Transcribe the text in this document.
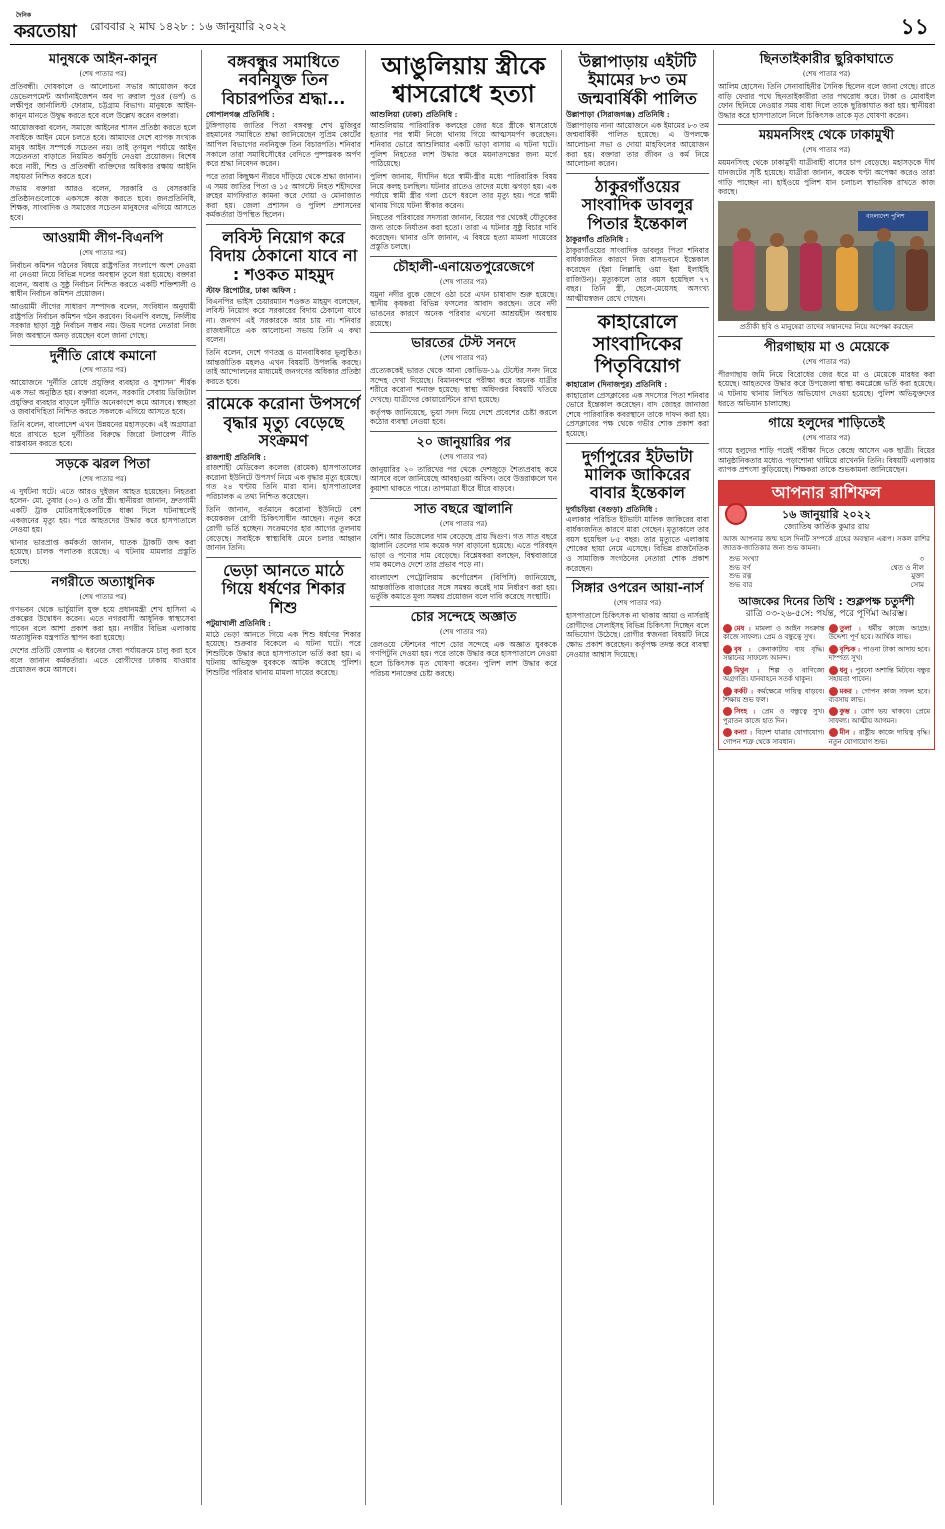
দৈনিক
করতোয়া রোববার ২ মাঘ ১৪২৮ : ১৬ জানুয়ারি ২০২২	১১
মানুষকে আইন-কানুন
(শেষ পাতার পর)

প্রতিবন্ধী। দোষকালে ও আলোচনা সভার আয়োজন করে ডেভেলপমেন্ট অর্গানাইজেশন অব দ্য রুরাল পুওর (ডর্প) ও লক্ষীপুর জার্নালিস্ট ফোরাম, চট্টগ্রাম বিভাগ। মানুষকে আইন-কানুন মানতে উদ্বুদ্ধ করতে হবে বলে উল্লেখ করেন বক্তারা।

আয়োজকরা বলেন, সমাজে আইনের শাসন প্রতিষ্ঠা করতে হলে সবাইকে আইন মেনে চলতে হবে। আমাদের দেশে ব্যাপক সংখ্যক মানুষ আইন সম্পর্কে সচেতন নয়। তাই তৃণমূল পর্যায়ে আইন সচেতনতা বাড়াতে নিয়মিত কর্মসূচি নেওয়া প্রয়োজন। বিশেষ করে নারী, শিশু ও প্রতিবন্ধী ব্যক্তিদের অধিকার রক্ষায় আইনি সহায়তা নিশ্চিত করতে হবে।

সভায় বক্তারা আরও বলেন, সরকারি ও বেসরকারি প্রতিষ্ঠানগুলোকে একসঙ্গে কাজ করতে হবে। জনপ্রতিনিধি, শিক্ষক, সাংবাদিক ও সমাজের সচেতন মানুষদের এগিয়ে আসতে হবে।

আওয়ামী লীগ-বিএনপি
(শেষ পাতার পর)

নির্বাচন কমিশন গঠনের বিষয়ে রাষ্ট্রপতির সংলাপে অংশ নেওয়া না নেওয়া নিয়ে বিভিন্ন দলের অবস্থান তুলে ধরা হয়েছে। বক্তারা বলেন, অবাধ ও সুষ্ঠু নির্বাচন নিশ্চিত করতে একটি শক্তিশালী ও স্বাধীন নির্বাচন কমিশন প্রয়োজন।

আওয়ামী লীগের সাধারণ সম্পাদক বলেন, সংবিধান অনুযায়ী রাষ্ট্রপতি নির্বাচন কমিশন গঠন করবেন। বিএনপি বলছে, নির্দলীয় সরকার ছাড়া সুষ্ঠু নির্বাচন সম্ভব নয়। উভয় দলের নেতারা নিজ নিজ অবস্থানে অনড় রয়েছেন বলে জানা গেছে।

দুর্নীতি রোধে কমানো
(শেষ পাতার পর)

আয়োজনে ‘দুর্নীতি রোধে প্রযুক্তির ব্যবহার ও সুশাসন’ শীর্ষক এক সভা অনুষ্ঠিত হয়। বক্তারা বলেন, সরকারি সেবায় ডিজিটাল প্রযুক্তির ব্যবহার বাড়লে দুর্নীতি অনেকাংশে কমে আসবে। স্বচ্ছতা ও জবাবদিহিতা নিশ্চিত করতে সকলকে এগিয়ে আসতে হবে।

তিনি বলেন, বাংলাদেশ এখন উন্নয়নের মহাসড়কে। এই অগ্রযাত্রা ধরে রাখতে হলে দুর্নীতির বিরুদ্ধে জিরো টলারেন্স নীতি বাস্তবায়ন করতে হবে।

সড়কে ঝরল পিতা
(শেষ পাতার পর)

এ দুর্ঘটনা ঘটে। এতে আরও দুইজন আহত হয়েছেন। নিহতরা হলেন- মো. তুষার (৩০) ও তাঁর স্ত্রী। স্থানীয়রা জানান, দ্রুতগামী একটি ট্রাক মোটরসাইকেলটিকে ধাক্কা দিলে ঘটনাস্থলেই একজনের মৃত্যু হয়। পরে আহতদের উদ্ধার করে হাসপাতালে নেওয়া হয়।

থানার ভারপ্রাপ্ত কর্মকর্তা জানান, ঘাতক ট্রাকটি জব্দ করা হয়েছে। চালক পলাতক রয়েছে। এ ঘটনায় মামলার প্রস্তুতি চলছে।

নগরীতে অত্যাধুনিক
(শেষ পাতার পর)

গণভবন থেকে ভার্চুয়ালি যুক্ত হয়ে প্রধানমন্ত্রী শেখ হাসিনা এ প্রকল্পের উদ্বোধন করেন। এতে নগরবাসী আধুনিক স্বাস্থ্যসেবা পাবেন বলে আশা প্রকাশ করা হয়। নগরীর বিভিন্ন এলাকায় অত্যাধুনিক যন্ত্রপাতি স্থাপন করা হয়েছে।

দেশের প্রতিটি জেলায় এ ধরনের সেবা পর্যায়ক্রমে চালু করা হবে বলে জানান কর্মকর্তারা। এতে রোগীদের ঢাকায় যাওয়ার প্রয়োজন কমে আসবে।

বঙ্গবন্ধুর সমাধিতে নবনিযুক্ত তিন বিচারপতির শ্রদ্ধা...
গোপালগঞ্জ প্রতিনিধি :

টুঙ্গিপাড়ায় জাতির পিতা বঙ্গবন্ধু শেখ মুজিবুর রহমানের সমাধিতে শ্রদ্ধা জানিয়েছেন সুপ্রিম কোর্টের আপিল বিভাগের নবনিযুক্ত তিন বিচারপতি। শনিবার সকালে তারা সমাধিসৌধের বেদিতে পুষ্পস্তবক অর্পণ করে শ্রদ্ধা নিবেদন করেন।

পরে তারা কিছুক্ষণ নীরবে দাঁড়িয়ে থেকে শ্রদ্ধা জানান। এ সময় জাতির পিতা ও ১৫ আগস্টে নিহত শহীদদের রুহের মাগফিরাত কামনা করে দোয়া ও মোনাজাত করা হয়। জেলা প্রশাসন ও পুলিশ প্রশাসনের কর্মকর্তারা উপস্থিত ছিলেন।

লবিস্ট নিয়োগ করে বিদায় ঠেকানো যাবে না : শওকত মাহমুদ
স্টাফ রিপোর্টার, ঢাকা অফিস :

বিএনপির ভাইস চেয়ারম্যান শওকত মাহমুদ বলেছেন, লবিস্ট নিয়োগ করে সরকারের বিদায় ঠেকানো যাবে না। জনগণ এই সরকারকে আর চায় না। শনিবার রাজধানীতে এক আলোচনা সভায় তিনি এ কথা বলেন।

তিনি বলেন, দেশে গণতন্ত্র ও মানবাধিকার ভূলুণ্ঠিত। আন্তর্জাতিক মহলও এখন বিষয়টি উপলব্ধি করছে। তাই আন্দোলনের মাধ্যমেই জনগণের অধিকার প্রতিষ্ঠা করতে হবে।

রামেকে করোনা উপসর্গে বৃদ্ধার মৃত্যু বেড়েছে সংক্রমণ
রাজশাহী প্রতিনিধি :

রাজশাহী মেডিকেল কলেজ (রামেক) হাসপাতালের করোনা ইউনিটে উপসর্গ নিয়ে এক বৃদ্ধার মৃত্যু হয়েছে। গত ২৪ ঘণ্টায় তিনি মারা যান। হাসপাতালের পরিচালক এ তথ্য নিশ্চিত করেছেন।

তিনি জানান, বর্তমানে করোনা ইউনিটে বেশ কয়েকজন রোগী চিকিৎসাধীন আছেন। নতুন করে রোগী ভর্তি হচ্ছেন। সংক্রমণের হার আগের তুলনায় বেড়েছে। সবাইকে স্বাস্থ্যবিধি মেনে চলার আহ্বান জানান তিনি।

ভেড়া আনতে মাঠে গিয়ে ধর্ষণের শিকার শিশু
পটুয়াখালী প্রতিনিধি :

মাঠে ভেড়া আনতে গিয়ে এক শিশু ধর্ষণের শিকার হয়েছে। শুক্রবার বিকেলে এ ঘটনা ঘটে। পরে শিশুটিকে উদ্ধার করে হাসপাতালে ভর্তি করা হয়। এ ঘটনায় অভিযুক্ত যুবককে আটক করেছে পুলিশ। শিশুটির পরিবার থানায় মামলা দায়ের করেছে।

আঙুলিয়ায় স্ত্রীকে শ্বাসরোধে হত্যা
আশুলিয়া (ঢাকা) প্রতিনিধি :

আশুলিয়ায় পারিবারিক কলহের জের ধরে স্ত্রীকে শ্বাসরোধে হত্যার পর স্বামী নিজে থানায় গিয়ে আত্মসমর্পণ করেছেন। শনিবার ভোরে আশুলিয়ার একটি ভাড়া বাসায় এ ঘটনা ঘটে। পুলিশ নিহতের লাশ উদ্ধার করে ময়নাতদন্তের জন্য মর্গে পাঠিয়েছে।

পুলিশ জানায়, দীর্ঘদিন ধরে স্বামী-স্ত্রীর মধ্যে পারিবারিক বিষয় নিয়ে কলহ চলছিল। ঘটনার রাতেও তাদের মধ্যে ঝগড়া হয়। এক পর্যায়ে স্বামী স্ত্রীর গলা চেপে ধরলে তার মৃত্যু হয়। পরে স্বামী থানায় গিয়ে ঘটনা স্বীকার করেন।

নিহতের পরিবারের সদস্যরা জানান, বিয়ের পর থেকেই যৌতুকের জন্য তাকে নির্যাতন করা হতো। তারা এ ঘটনার সুষ্ঠু বিচার দাবি করেছেন। থানার ওসি জানান, এ বিষয়ে হত্যা মামলা দায়েরের প্রস্তুতি চলছে।

চৌহালী-এনায়েতপুরেজেগে
(শেষ পাতার পর)

যমুনা নদীর বুকে জেগে ওঠা চরে এখন চাষাবাদ শুরু হয়েছে। স্থানীয় কৃষকরা বিভিন্ন ফসলের আবাদ করছেন। তবে নদী ভাঙনের কারণে অনেক পরিবার এখনো আশ্রয়হীন অবস্থায় রয়েছে।

ভারতের টেস্ট সনদে
(শেষ পাতার পর)

প্রত্যেককেই ভারত থেকে আনা কোভিড-১৯ টেস্টের সনদ নিয়ে সন্দেহ দেখা দিয়েছে। বিমানবন্দরে পরীক্ষা করে অনেক যাত্রীর শরীরে করোনা শনাক্ত হয়েছে। স্বাস্থ্য অধিদপ্তর বিষয়টি খতিয়ে দেখছে। যাত্রীদের কোয়ারেন্টিনে রাখা হয়েছে।

কর্তৃপক্ষ জানিয়েছে, ভুয়া সনদ নিয়ে দেশে প্রবেশের চেষ্টা করলে কঠোর ব্যবস্থা নেওয়া হবে।

২০ জানুয়ারির পর
(শেষ পাতার পর)

জানুয়ারির ২০ তারিখের পর থেকে দেশজুড়ে শৈত্যপ্রবাহ কমে আসবে বলে জানিয়েছে আবহাওয়া অফিস। তবে উত্তরাঞ্চলে ঘন কুয়াশা থাকতে পারে। তাপমাত্রা ধীরে ধীরে বাড়বে।

সাত বছরে জ্বালানি
(শেষ পাতার পর)

বেশি। আর ডিজেলের দাম বেড়েছে প্রায় দ্বিগুণ। গত সাত বছরে জ্বালানি তেলের দাম কয়েক দফা বাড়ানো হয়েছে। এতে পরিবহন ভাড়া ও পণ্যের দাম বেড়েছে। বিশ্লেষকরা বলছেন, বিশ্ববাজারে দাম কমলেও দেশে তার প্রভাব পড়ে না।

বাংলাদেশ পেট্রোলিয়াম কর্পোরেশন (বিপিসি) জানিয়েছে, আন্তর্জাতিক বাজারের সঙ্গে সমন্বয় করেই দাম নির্ধারণ করা হয়। ভর্তুকি কমাতে মূল্য সমন্বয় প্রয়োজন বলে দাবি করেছে সংস্থাটি।

চোর সন্দেহে অজ্ঞাত
(শেষ পাতার পর)

রেলওয়ে স্টেশনের পাশে চোর সন্দেহে এক অজ্ঞাত যুবককে গণপিটুনি দেওয়া হয়। পরে তাকে উদ্ধার করে হাসপাতালে নেওয়া হলে চিকিৎসক মৃত ঘোষণা করেন। পুলিশ লাশ উদ্ধার করে পরিচয় শনাক্তের চেষ্টা করছে।

উল্লাপাড়ায় এইটটি ইমামের ৮৩ তম জন্মবার্ষিকী পালিত
উল্লাপাড়া (সিরাজগঞ্জ) প্রতিনিধি :

উল্লাপাড়ায় নানা আয়োজনে এক ইমামের ৮৩ তম জন্মবার্ষিকী পালিত হয়েছে। এ উপলক্ষে আলোচনা সভা ও দোয়া মাহফিলের আয়োজন করা হয়। বক্তারা তার জীবন ও কর্ম নিয়ে আলোচনা করেন।

ঠাকুরগাঁওয়ের সাংবাদিক ডাবলুর পিতার ইন্তেকাল
ঠাকুরগাঁও প্রতিনিধি :

ঠাকুরগাঁওয়ের সাংবাদিক ডাবলুর পিতা শনিবার বার্ধক্যজনিত কারণে নিজ বাসভবনে ইন্তেকাল করেছেন (ইন্না লিল্লাহি ওয়া ইন্না ইলাইহি রাজিউন)। মৃত্যুকালে তার বয়স হয়েছিল ৭৭ বছর। তিনি স্ত্রী, ছেলে-মেয়েসহ অসংখ্য আত্মীয়স্বজন রেখে গেছেন।

কাহারোলে সাংবাদিকের পিতৃবিয়োগ
কাহারোল (দিনাজপুর) প্রতিনিধি :

কাহারোল প্রেসক্লাবের এক সদস্যের পিতা শনিবার ভোরে ইন্তেকাল করেছেন। বাদ জোহর জানাজা শেষে পারিবারিক কবরস্থানে তাকে দাফন করা হয়। প্রেসক্লাবের পক্ষ থেকে গভীর শোক প্রকাশ করা হয়েছে।

দুর্গাপুরের ইটভাটা মালিক জাকিরের বাবার ইন্তেকাল
দুর্গাচড়িয়া (বগুড়া) প্রতিনিধি :

এলাকার পরিচিত ইটভাটা মালিক জাকিরের বাবা বার্ধক্যজনিত কারণে মারা গেছেন। মৃত্যুকালে তার বয়স হয়েছিল ৮৫ বছর। তার মৃত্যুতে এলাকায় শোকের ছায়া নেমে এসেছে। বিভিন্ন রাজনৈতিক ও সামাজিক সংগঠনের নেতারা শোক প্রকাশ করেছেন।

সিঙ্গার ওপরেন আয়া-নার্স
(শেষ পাতার পর)

হাসপাতালে চিকিৎসক না থাকায় আয়া ও নার্সরাই রোগীদের সেলাইসহ বিভিন্ন চিকিৎসা দিচ্ছেন বলে অভিযোগ উঠেছে। রোগীর স্বজনরা বিষয়টি নিয়ে ক্ষোভ প্রকাশ করেছেন। কর্তৃপক্ষ তদন্ত করে ব্যবস্থা নেওয়ার আশ্বাস দিয়েছে।

ছিনতাইকারীর ছুরিকাঘাতে
(শেষ পাতার পর)

আলিম হোসেন। তিনি সেনাবাহিনীর সৈনিক ছিলেন বলে জানা গেছে। রাতে বাড়ি ফেরার পথে ছিনতাইকারীরা তার পথরোধ করে। টাকা ও মোবাইল ফোন ছিনিয়ে নেওয়ার সময় বাধা দিলে তাকে ছুরিকাঘাত করা হয়। স্থানীয়রা উদ্ধার করে হাসপাতালে নিলে চিকিৎসক তাকে মৃত ঘোষণা করেন।

ময়মনসিংহ থেকে ঢাকামুখী
(শেষ পাতার পর)

ময়মনসিংহ থেকে ঢাকামুখী যাত্রীবাহী বাসের চাপ বেড়েছে। মহাসড়কে দীর্ঘ যানজটের সৃষ্টি হয়েছে। যাত্রীরা জানান, কয়েক ঘণ্টা অপেক্ষা করেও তারা গাড়ি পাচ্ছেন না। হাইওয়ে পুলিশ যান চলাচল স্বাভাবিক রাখতে কাজ করছে।

বাংলাদেশ পুলিশ
প্রতীকী ছবি ও মানুষেরা তাদের সন্তানদের নিয়ে অপেক্ষা করছেন
পীরগাছায় মা ও মেয়েকে
(শেষ পাতার পর)

পীরগাছায় জমি নিয়ে বিরোধের জের ধরে মা ও মেয়েকে মারধর করা হয়েছে। আহতদের উদ্ধার করে উপজেলা স্বাস্থ্য কমপ্লেক্সে ভর্তি করা হয়েছে। এ ঘটনায় থানায় লিখিত অভিযোগ দেওয়া হয়েছে। পুলিশ অভিযুক্তদের ধরতে অভিযান চালাচ্ছে।

গায়ে হলুদের শাড়িতেই
(শেষ পাতার পর)

গায়ে হলুদের শাড়ি পরেই পরীক্ষা দিতে কেন্দ্রে আসেন এক ছাত্রী। বিয়ের আনুষ্ঠানিকতার মধ্যেও পড়াশোনা থামিয়ে রাখেননি তিনি। বিষয়টি এলাকায় ব্যাপক প্রশংসা কুড়িয়েছে। শিক্ষকরা তাকে শুভকামনা জানিয়েছেন।

আপনার রাশিফল
১৬ জানুয়ারি ২০২২
জ্যোতিষ কার্তিক কুমার রায়
আজ আপনার জন্ম হলে দিনটি সম্পর্কে গ্রহের অবস্থান এরূপ। সকল রাশির জাতক-জাতিকার জন্য শুভ কামনা।
শুভ সংখ্যা	৩
শুভ বর্ণ	শ্বেত ও নীল
শুভ রত্ন	মুক্তা
শুভ বার	সোম
আজকের দিনের তিথি : শুক্লপক্ষ চতুর্দশী
রাত্রি ০৩-২৬-৫সে: পর্যন্ত, পরে পূর্ণিমা আরম্ভ।
মেষ : মামলা ও আইন সংক্রান্ত কাজে সাফল্য। প্রেম ও বন্ধুত্বে সুখ।
বৃষ : কেনাকাটায় ব্যয় বৃদ্ধি। সন্তানের সাফল্যে আনন্দ।
মিথুন : শিল্প ও বাণিজ্যে অগ্রগতি। যানবাহনে সতর্ক থাকুন।
কর্কট : কর্মক্ষেত্রে দায়িত্ব বাড়বে। শিক্ষায় শুভ ফল।
সিংহ : প্রেম ও বন্ধুত্বে সুখ। পুরাতন কাজে হাত দিন।
কন্যা : বিদেশ যাত্রার যোগাযোগ। গোপন শত্রু থেকে সাবধান।
তুলা : ধর্মীয় কাজে আগ্রহ। উদ্দেশ্য পূর্ণ হবে। আর্থিক লাভ।
বৃশ্চিক : পাওনা টাকা আদায় হবে। দাম্পত্য সুখ।
ধনু : পুরনো অশান্তি মিটবে। বন্ধুর সহায়তা পাবেন।
মকর : গোপন কাজ সফল হবে। ব্যবসায় লাভ।
কুম্ভ : রোগ ভয় থাকবে। প্রেমে সাফল্য। আত্মীয় আগমন।
মীন : রাষ্ট্রীয় কাজে দায়িত্ব বৃদ্ধি। নতুন যোগাযোগ শুভ।
